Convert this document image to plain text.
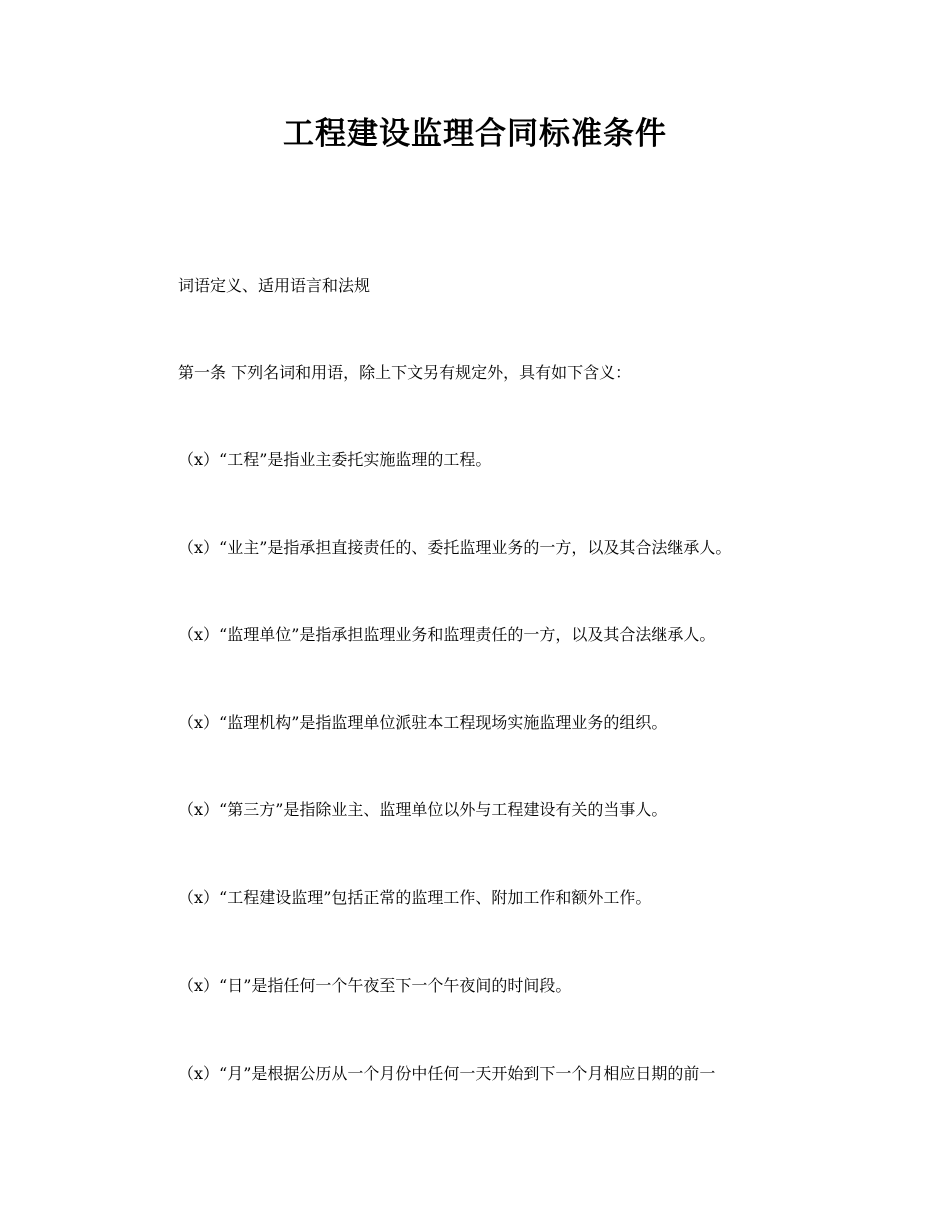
工程建设监理合同标准条件

词语定义、适用语言和法规

第一条 下列名词和用语，除上下文另有规定外，具有如下含义：

（x）“工程”是指业主委托实施监理的工程。

（x）“业主”是指承担直接责任的、委托监理业务的一方，以及其合法继承人。

（x）“监理单位”是指承担监理业务和监理责任的一方，以及其合法继承人。

（x）“监理机构”是指监理单位派驻本工程现场实施监理业务的组织。

（x）“第三方”是指除业主、监理单位以外与工程建设有关的当事人。

（x）“工程建设监理”包括正常的监理工作、附加工作和额外工作。

（x）“日”是指任何一个午夜至下一个午夜间的时间段。

（x）“月”是根据公历从一个月份中任何一天开始到下一个月相应日期的前一
